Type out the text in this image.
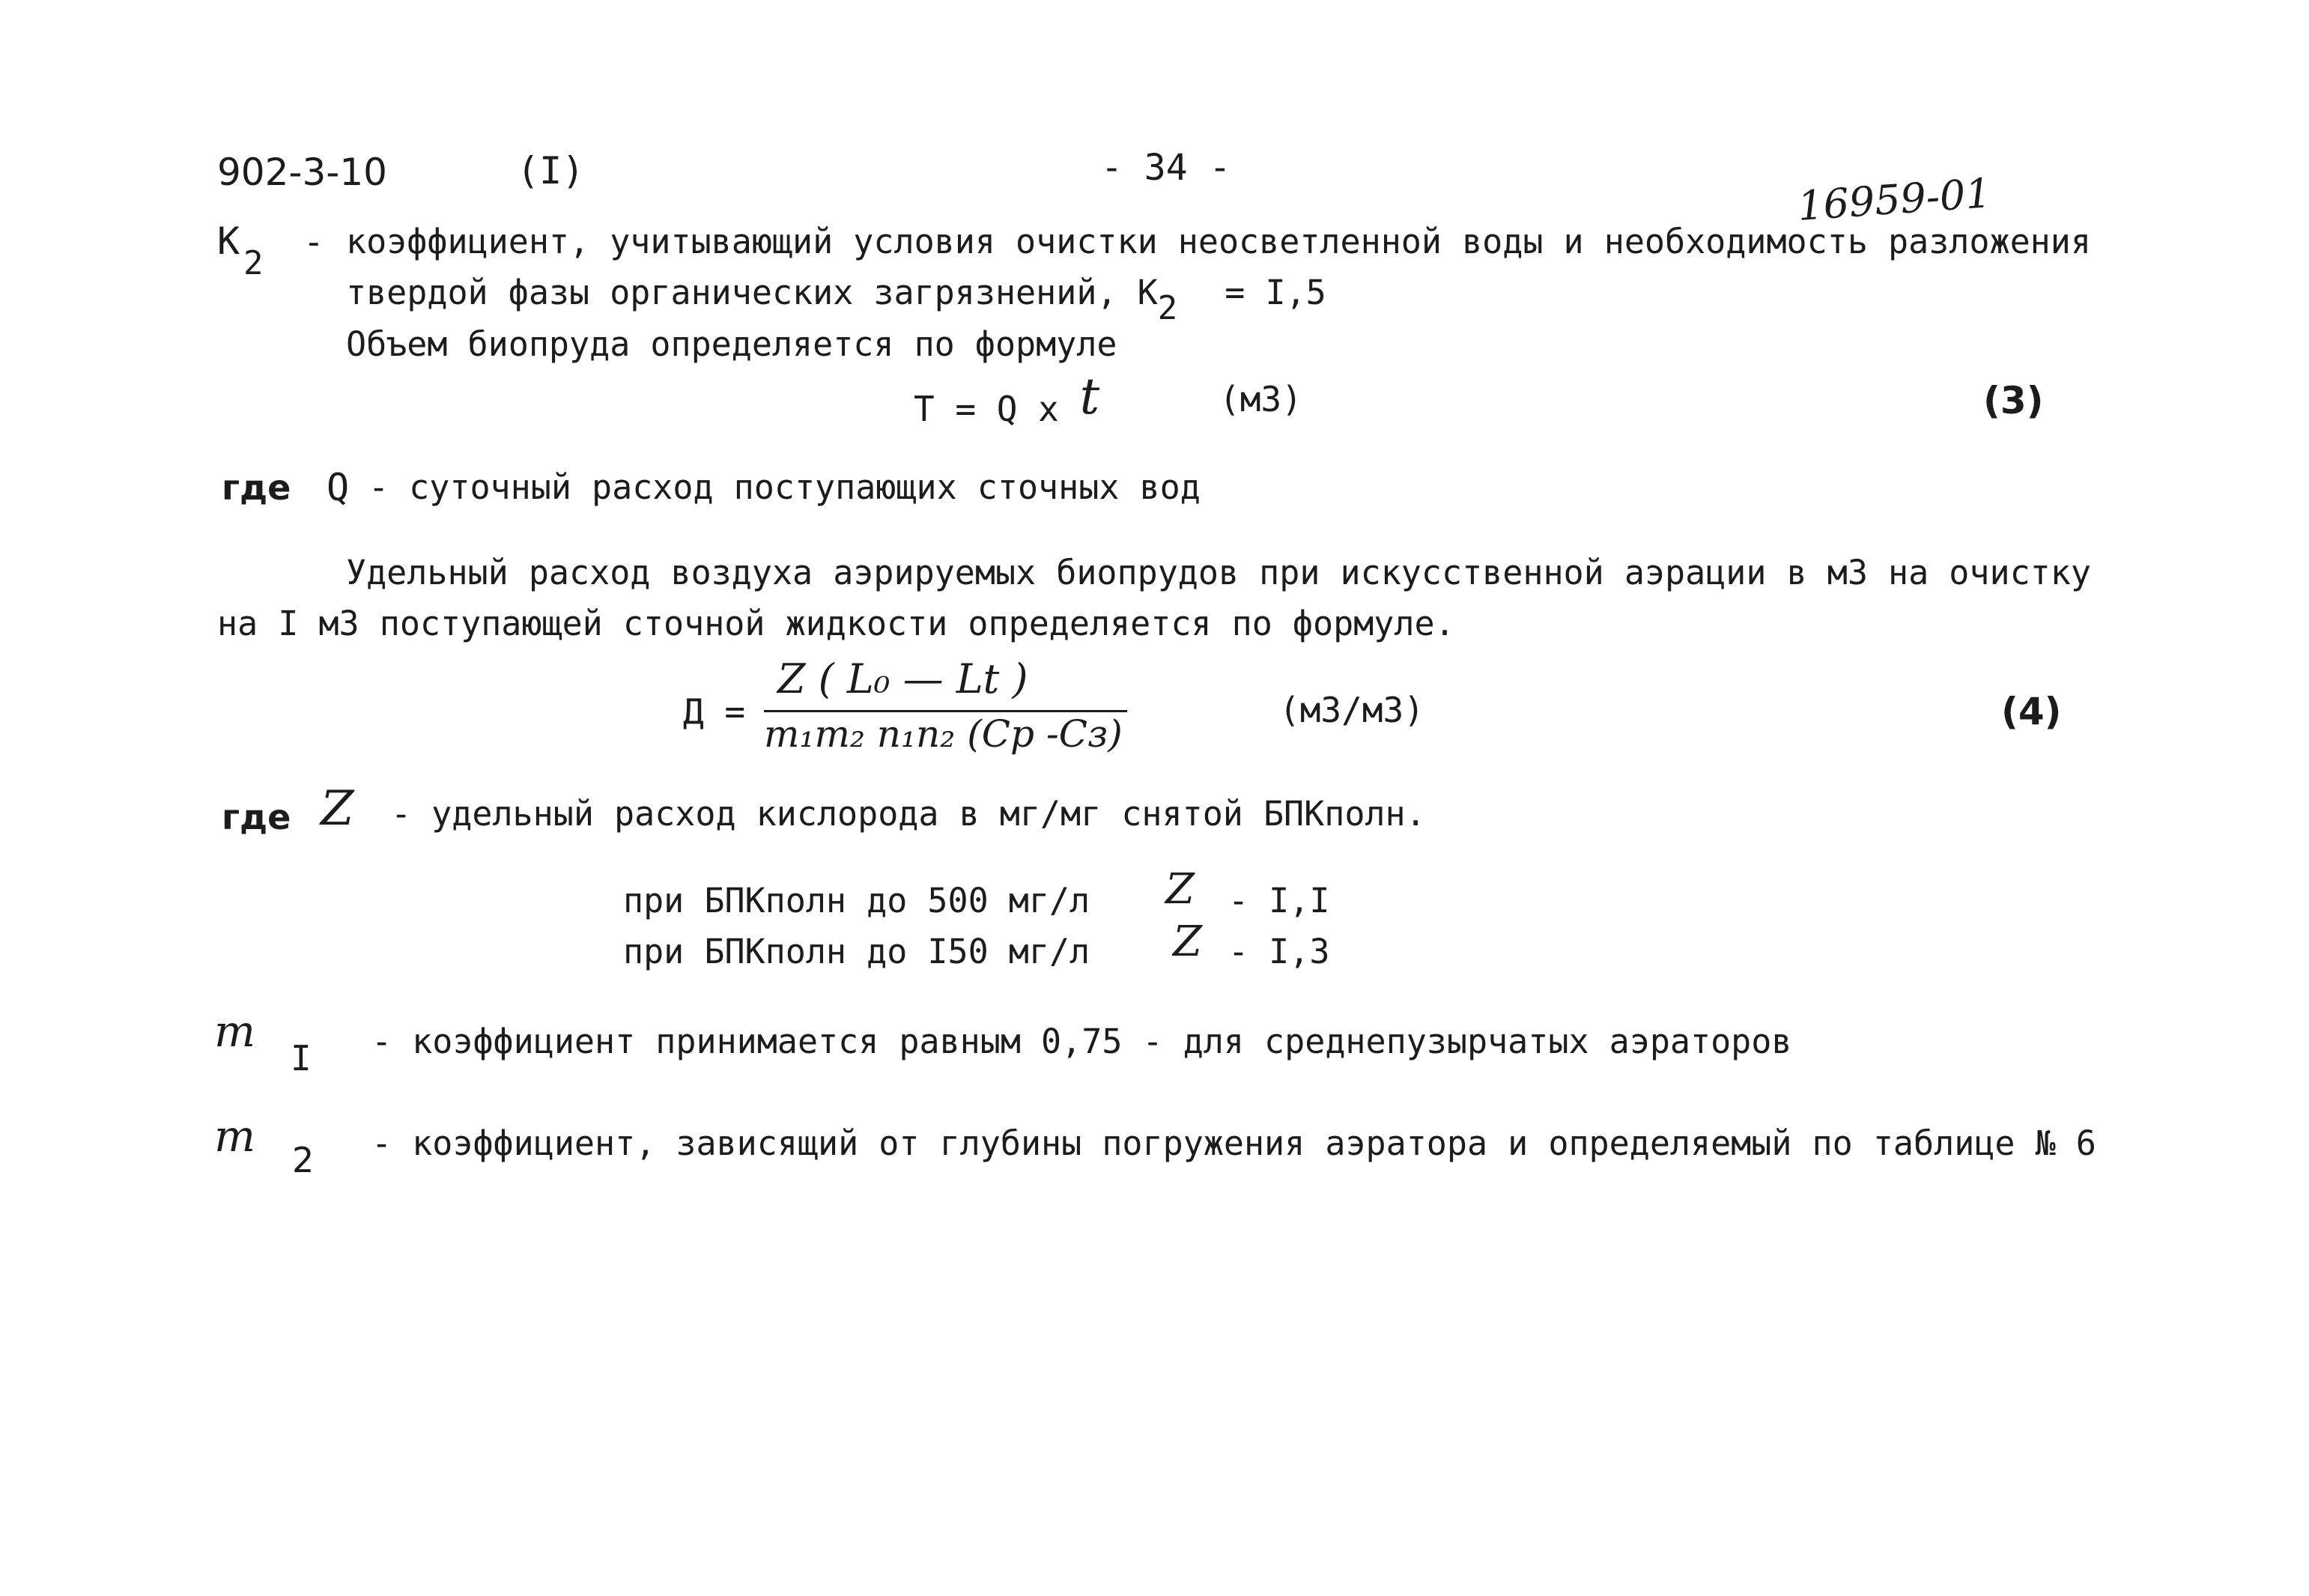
902-3-10	(I)	- 34 -
16959-01
К
2
- коэффициент, учитывающий условия очистки неосветленной воды и необходимость разложения
твердой фазы органических загрязнений, К2 = I,5
Объем биопруда определяется по формуле
T = Q x t	(м3)	(3)
где Q - суточный расход поступающих сточных вод
Удельный расход воздуха аэрируемых биопрудов при искусственной аэрации в м3 на очистку
на I м3 поступающей сточной жидкости определяется по формуле.
Д =
Z ( L₀ — Lt )
m₁m₂ n₁n₂ (Cp -Cз)
(м3/м3)	(4)
где Z - удельный расход кислорода в мг/мг снятой БПКполн.
при БПКполн до 500 мг/л Z - I,I
при БПКполн до I50 мг/л Z - I,3
m
I - коэффициент принимается равным 0,75 - для среднепузырчатых аэраторов
m 2 - коэффициент, зависящий от глубины погружения аэратора и определяемый по таблице № 6
